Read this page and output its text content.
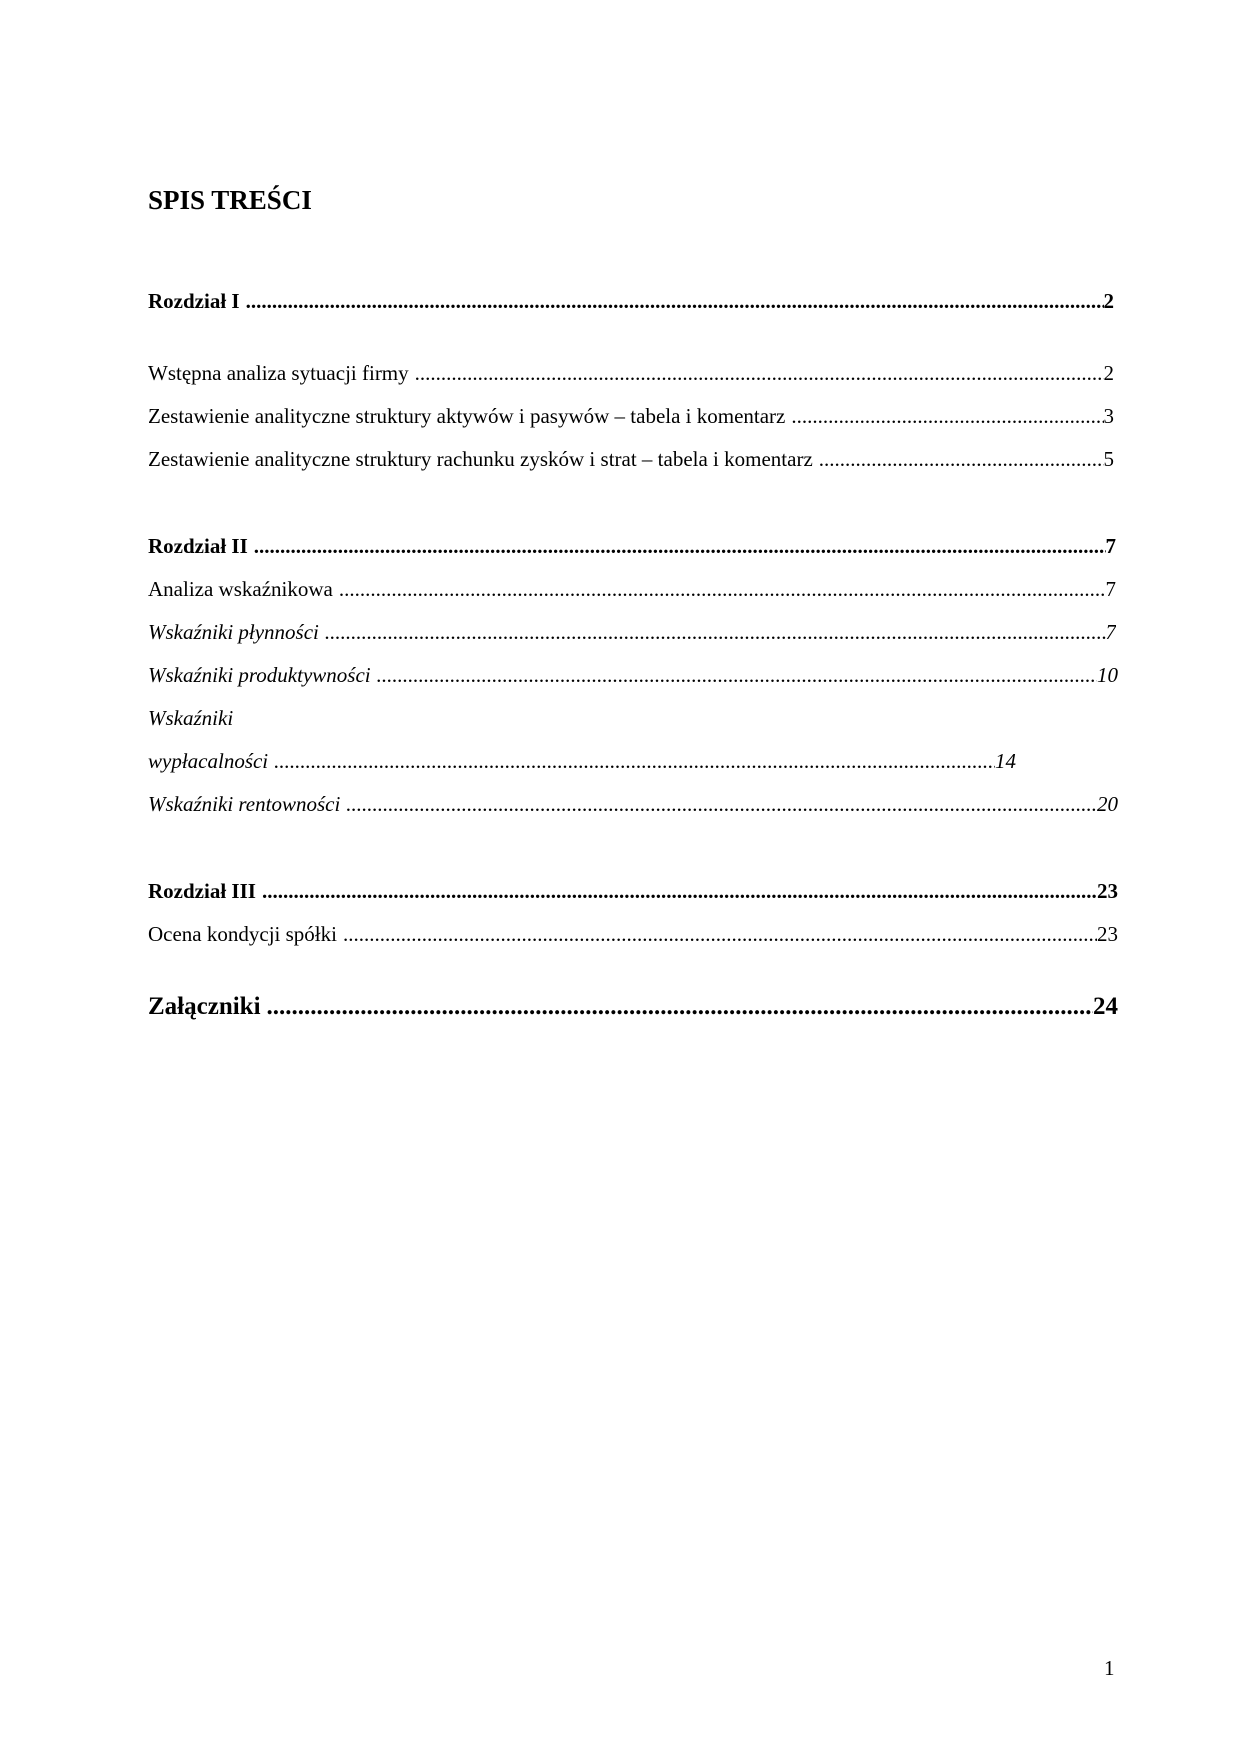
SPIS TREŚCI
Rozdział I .....	2
Wstępna analiza sytuacji firmy .....	2
Zestawienie analityczne struktury aktywów i pasywów – tabela i komentarz .....	3
Zestawienie analityczne struktury rachunku zysków i strat – tabela i komentarz .....	5
Rozdział II .....	7
Analiza wskaźnikowa .....	7
Wskaźniki płynności .....	7
Wskaźniki produktywności .....	10
Wskaźniki
wypłacalności .....	14
Wskaźniki rentowności .....	20
Rozdział III .....	23
Ocena kondycji spółki .....	23
Załączniki .....	24
1
